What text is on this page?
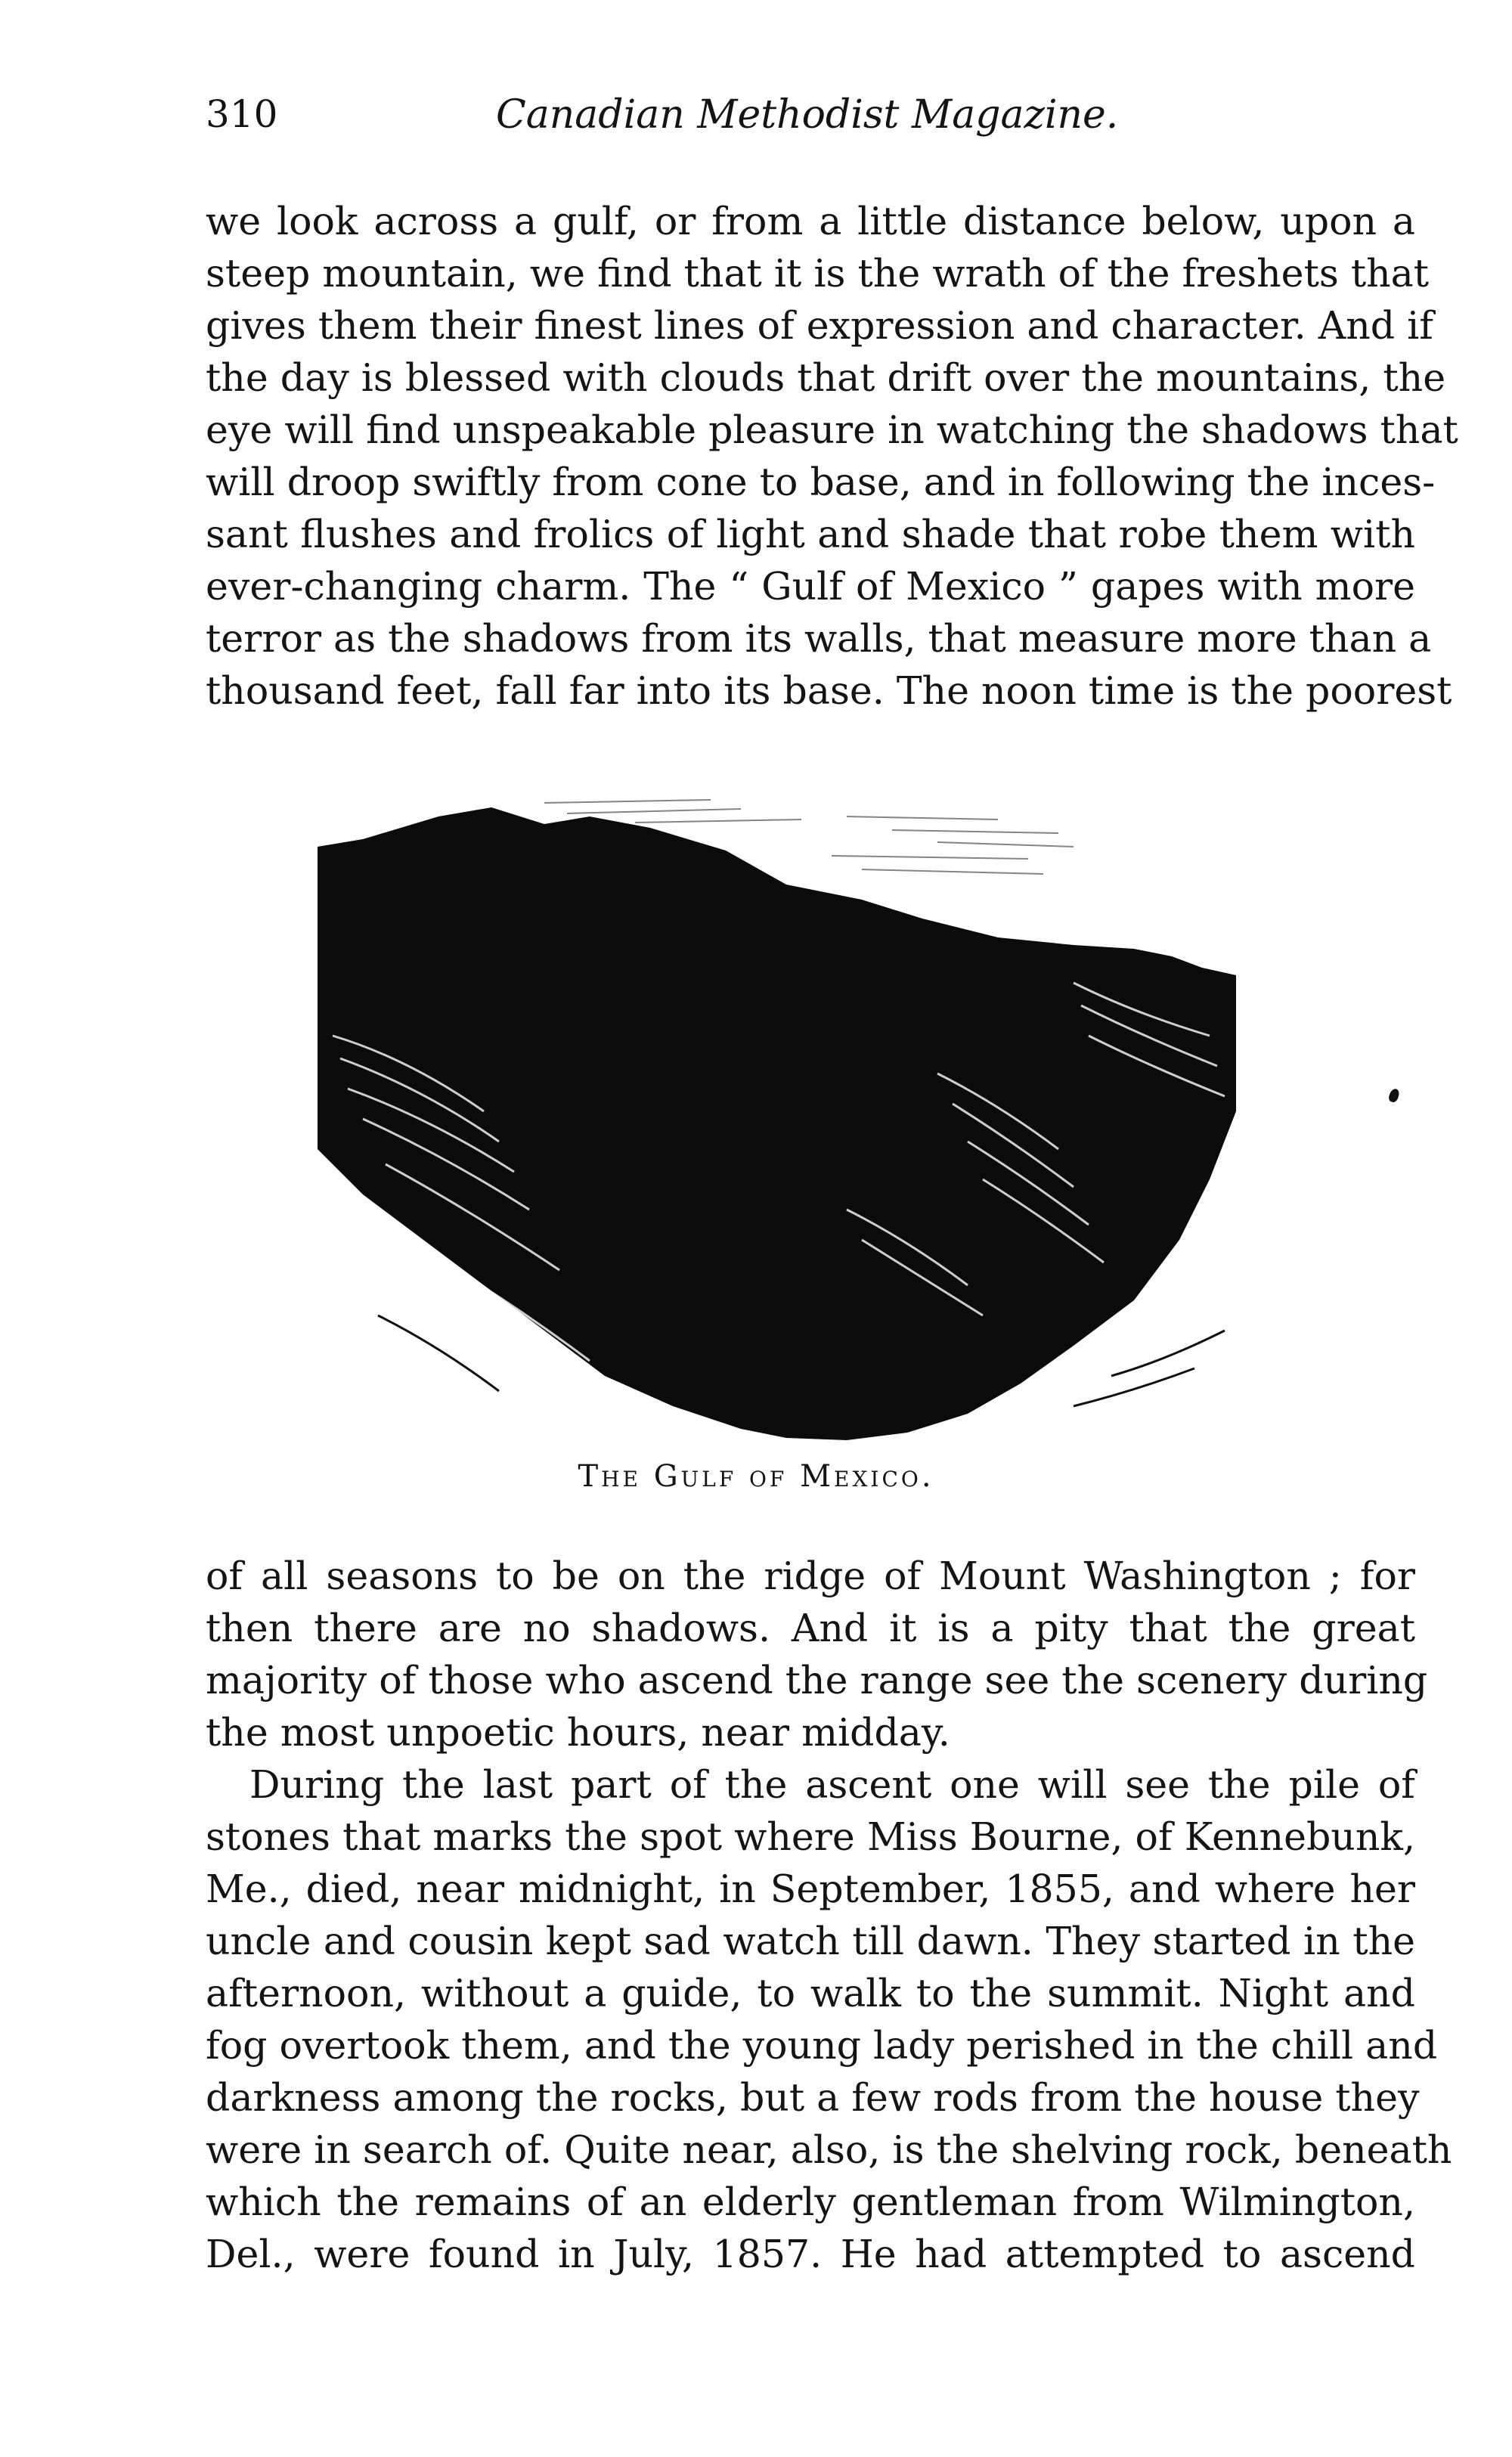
310	Canadian Methodist Magazine.
we look across a gulf, or from a little distance below, upon a
steep mountain, we find that it is the wrath of the freshets that
gives them their finest lines of expression and character. And if
the day is blessed with clouds that drift over the mountains, the
eye will find unspeakable pleasure in watching the shadows that
will droop swiftly from cone to base, and in following the inces-
sant flushes and frolics of light and shade that robe them with
ever-changing charm. The “ Gulf of Mexico ” gapes with more
terror as the shadows from its walls, that measure more than a
thousand feet, fall far into its base. The noon time is the poorest
The Gulf of Mexico.
of all seasons to be on the ridge of Mount Washington ; for
then there are no shadows. And it is a pity that the great
majority of those who ascend the range see the scenery during
the most unpoetic hours, near midday.
During the last part of the ascent one will see the pile of
stones that marks the spot where Miss Bourne, of Kennebunk,
Me., died, near midnight, in September, 1855, and where her
uncle and cousin kept sad watch till dawn. They started in the
afternoon, without a guide, to walk to the summit. Night and
fog overtook them, and the young lady perished in the chill and
darkness among the rocks, but a few rods from the house they
were in search of. Quite near, also, is the shelving rock, beneath
which the remains of an elderly gentleman from Wilmington,
Del., were found in July, 1857. He had attempted to ascend
